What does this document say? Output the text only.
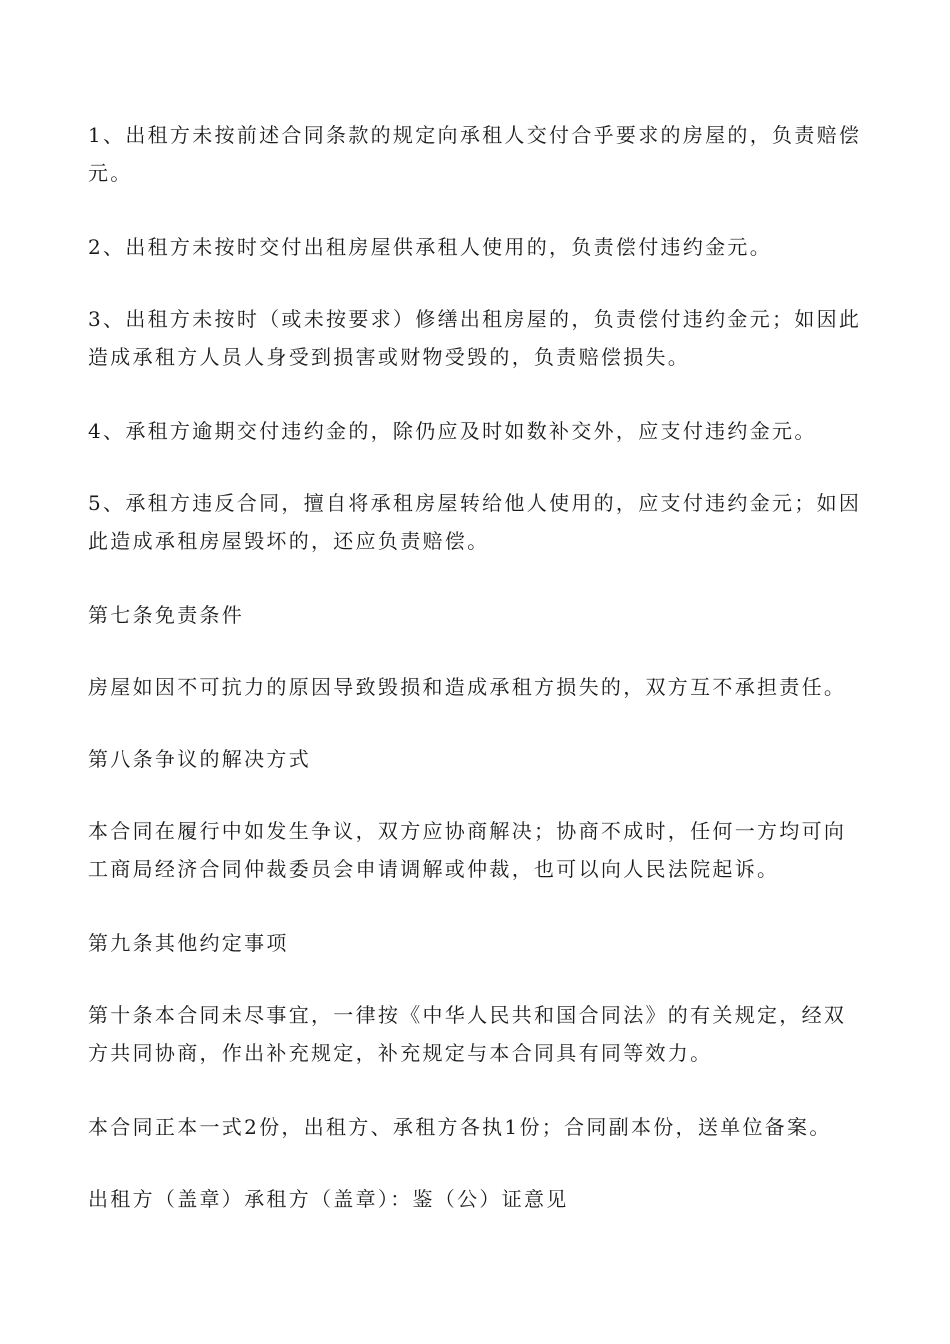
1、出租方未按前述合同条款的规定向承租人交付合乎要求的房屋的，负责赔偿
元。

2、出租方未按时交付出租房屋供承租人使用的，负责偿付违约金元。

3、出租方未按时（或未按要求）修缮出租房屋的，负责偿付违约金元；如因此
造成承租方人员人身受到损害或财物受毁的，负责赔偿损失。

4、承租方逾期交付违约金的，除仍应及时如数补交外，应支付违约金元。

5、承租方违反合同，擅自将承租房屋转给他人使用的，应支付违约金元；如因
此造成承租房屋毁坏的，还应负责赔偿。

第七条免责条件

房屋如因不可抗力的原因导致毁损和造成承租方损失的，双方互不承担责任。

第八条争议的解决方式

本合同在履行中如发生争议，双方应协商解决；协商不成时，任何一方均可向
工商局经济合同仲裁委员会申请调解或仲裁，也可以向人民法院起诉。

第九条其他约定事项

第十条本合同未尽事宜，一律按《中华人民共和国合同法》的有关规定，经双
方共同协商，作出补充规定，补充规定与本合同具有同等效力。

本合同正本一式2份，出租方、承租方各执1份；合同副本份，送单位备案。

出租方（盖章）承租方（盖章）：鉴（公）证意见
